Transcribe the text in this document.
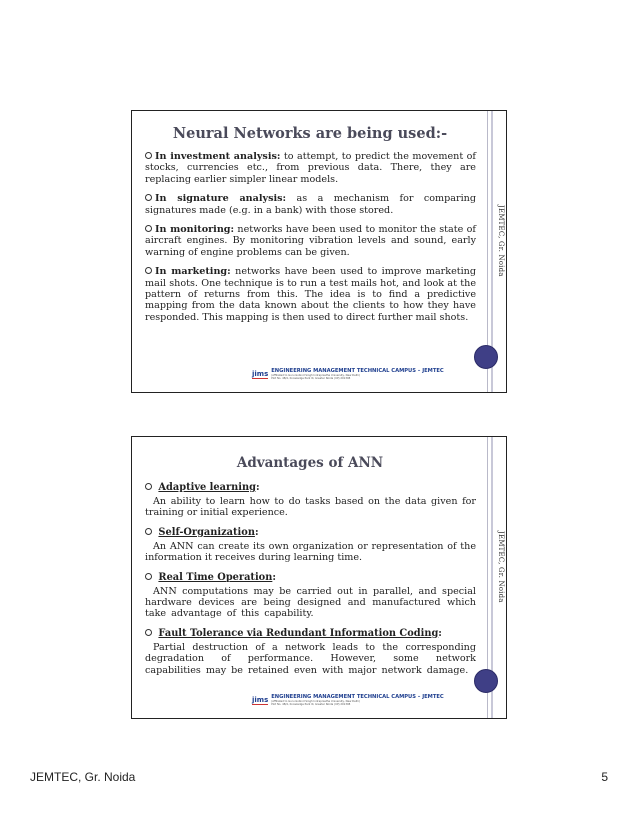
JEMTEC, Gr. Noida
Neural Networks are being used:-

In investment analysis: to attempt, to predict the movement of stocks, currencies etc., from previous data. There, they are replacing earlier simpler linear models.

In signature analysis: as a mechanism for comparing signatures made (e.g. in a bank) with those stored.

In monitoring: networks have been used to monitor the state of aircraft engines. By monitoring vibration levels and sound, early warning of engine problems can be given.

In marketing: networks have been used to improve marketing mail shots. One technique is to run a test mails hot, and look at the pattern of returns from this. The idea is to find a predictive mapping from the data known about the clients to how they have responded. This mapping is then used to direct further mail shots.

jims ENGINEERING MANAGEMENT TECHNICAL CAMPUS – JEMTEC
(Affiliated to Guru Gobind Singh Indraprastha University, New Delhi)
Plot No. 48/4, Knowledge Park III, Greater Noida (UP) 201308
JEMTEC, Gr. Noida
Advantages of ANN

Adaptive learning:

An ability to learn how to do tasks based on the data given for training or initial experience.

Self-Organization:

An ANN can create its own organization or representation of the information it receives during learning time.

Real Time Operation:

ANN computations may be carried out in parallel, and special hardware devices are being designed and manufactured which take advantage of this capability.

Fault Tolerance via Redundant Information Coding:

Partial destruction of a network leads to the corresponding degradation of performance. However, some network capabilities may be retained even with major network damage.

jims ENGINEERING MANAGEMENT TECHNICAL CAMPUS – JEMTEC
(Affiliated to Guru Gobind Singh Indraprastha University, New Delhi)
Plot No. 48/4, Knowledge Park III, Greater Noida (UP) 201308
JEMTEC, Gr. Noida	5
